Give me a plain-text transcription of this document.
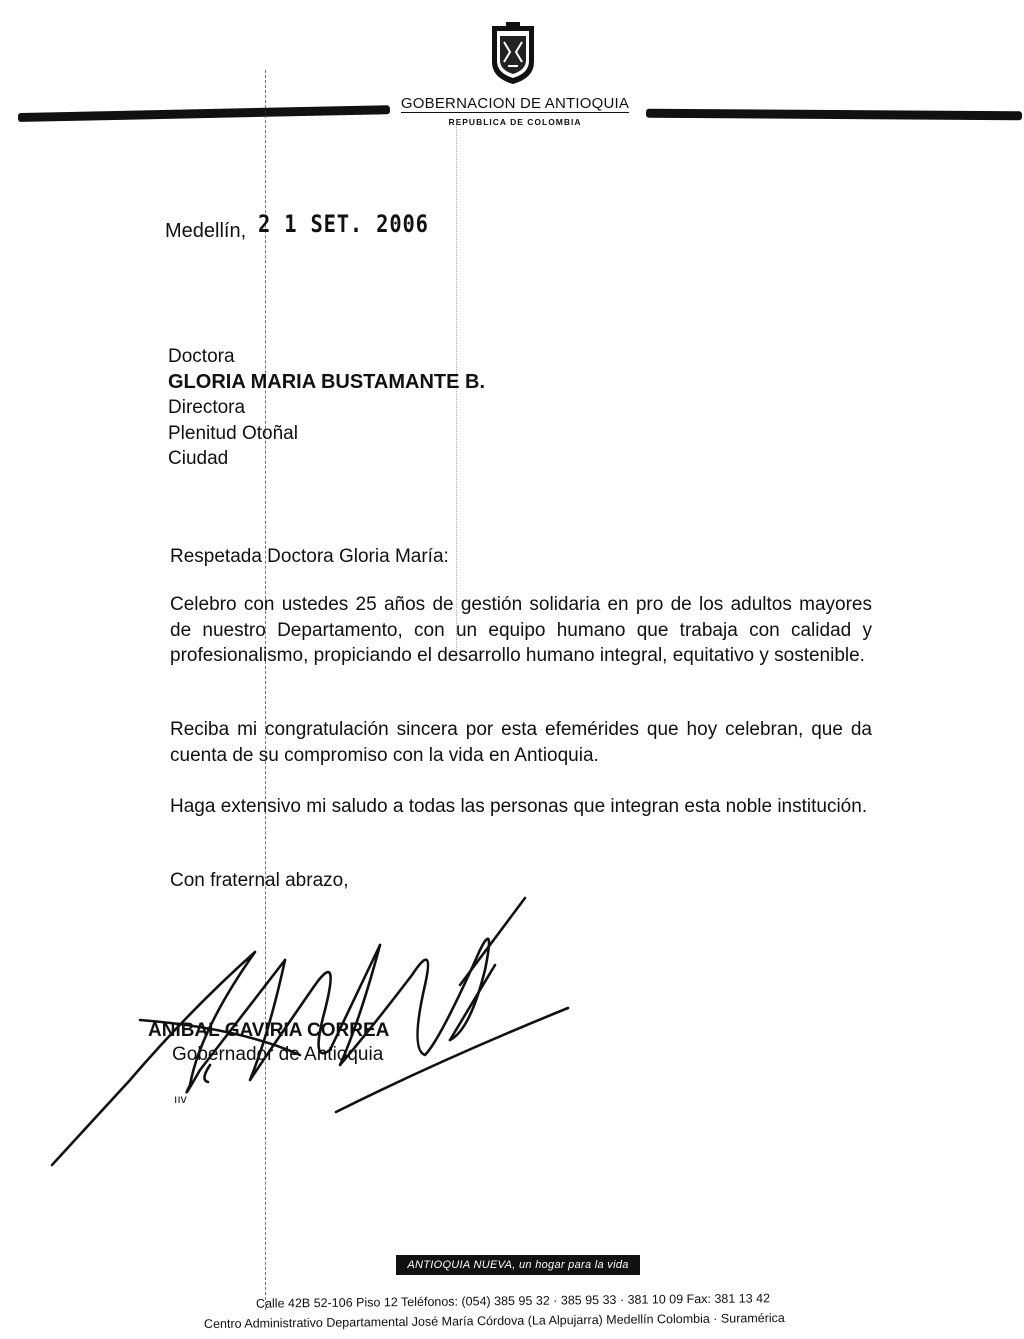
GOBERNACION DE ANTIOQUIA
REPUBLICA DE COLOMBIA
Medellín, 2 1 SET. 2006
Doctora
GLORIA MARIA BUSTAMANTE B.
Directora
Plenitud Otoñal
Ciudad
Respetada Doctora Gloria María:
Celebro con ustedes 25 años de gestión solidaria en pro de los adultos mayores de nuestro Departamento, con un equipo humano que trabaja con calidad y profesionalismo, propiciando el desarrollo humano integral, equitativo y sostenible.
Reciba mi congratulación sincera por esta efemérides que hoy celebran, que da cuenta de su compromiso con la vida en Antioquia.
Haga extensivo mi saludo a todas las personas que integran esta noble institución.
Con fraternal abrazo,
ANIBAL GAVIRIA CORREA
Gobernador de Antioquia
ııv
ANTIOQUIA NUEVA, un hogar para la vida
Calle 42B 52-106 Piso 12 Teléfonos: (054) 385 95 32 · 385 95 33 · 381 10 09 Fax: 381 13 42
Centro Administrativo Departamental José María Córdova (La Alpujarra) Medellín Colombia · Suramérica
